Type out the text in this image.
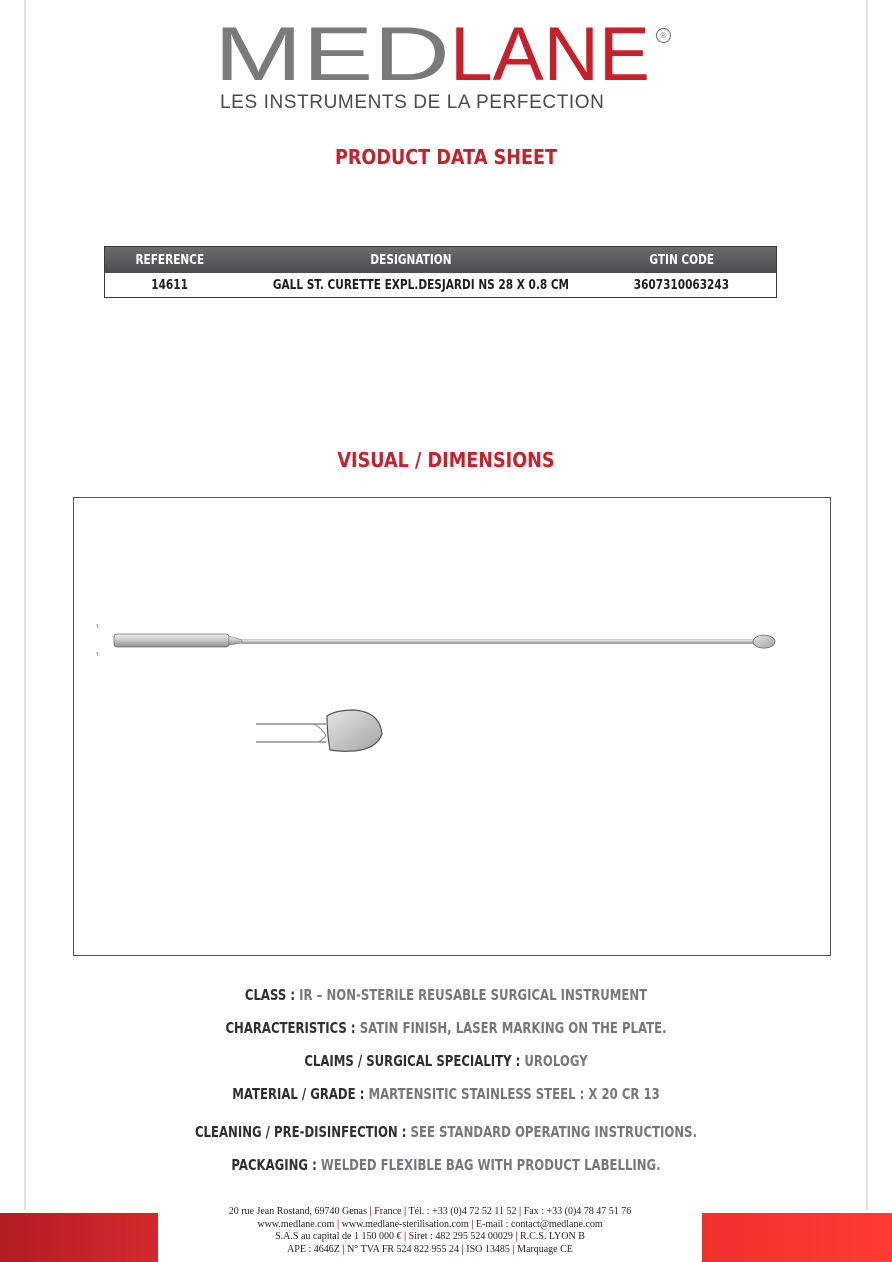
MED LANE	®
LES INSTRUMENTS DE LA PERFECTION
PRODUCT DATA SHEET
REFERENCE	DESIGNATION	GTIN CODE
14611	GALL ST. CURETTE EXPL.DESJARDI NS 28 X 0.8 CM	3607310063243
VISUAL / DIMENSIONS
CLASS : IR – NON-STERILE REUSABLE SURGICAL INSTRUMENT
CHARACTERISTICS : SATIN FINISH, LASER MARKING ON THE PLATE.
CLAIMS / SURGICAL SPECIALITY : UROLOGY
MATERIAL / GRADE : MARTENSITIC STAINLESS STEEL : X 20 CR 13
CLEANING / PRE-DISINFECTION : SEE STANDARD OPERATING INSTRUCTIONS.
PACKAGING : WELDED FLEXIBLE BAG WITH PRODUCT LABELLING.
20 rue Jean Rostand, 69740 Genas | France | Tél. : +33 (0)4 72 52 11 52 | Fax : +33 (0)4 78 47 51 76
www.medlane.com | www.medlane-sterilisation.com | E-mail : contact@medlane.com
S.A.S au capital de 1 150 000 € | Siret : 482 295 524 00029 | R.C.S. LYON B
APE : 4646Z | N° TVA FR 524 822 955 24 | ISO 13485 | Marquage CE
